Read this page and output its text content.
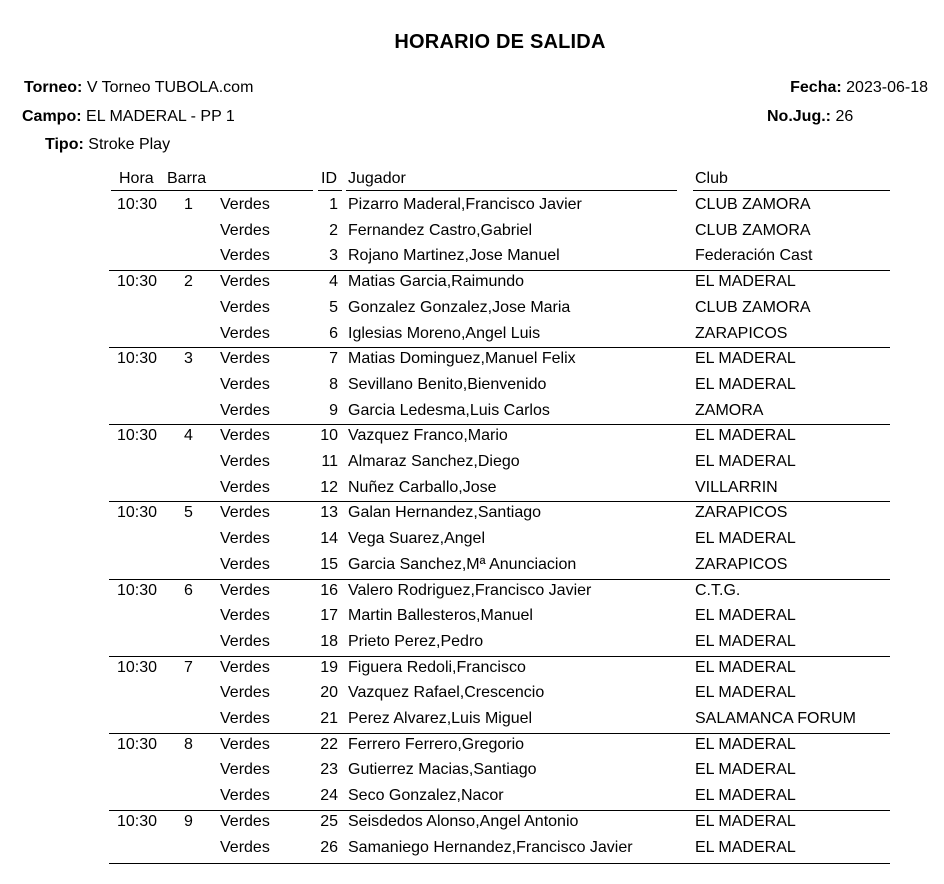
HORARIO DE SALIDA
Torneo: V Torneo TUBOLA.com
Campo: EL MADERAL - PP 1
Tipo: Stroke Play
Fecha: 2023-06-18
No.Jug.: 26
Hora Barra	ID Jugador	Club
10:30 1 Verdes	1 Pizarro Maderal,Francisco Javier	CLUB ZAMORA
Verdes	2 Fernandez Castro,Gabriel	CLUB ZAMORA
Verdes	3 Rojano Martinez,Jose Manuel	Federación Cast
10:30 2 Verdes	4 Matias Garcia,Raimundo	EL MADERAL
Verdes	5 Gonzalez Gonzalez,Jose Maria	CLUB ZAMORA
Verdes	6 Iglesias Moreno,Angel Luis	ZARAPICOS
10:30 3 Verdes	7 Matias Dominguez,Manuel Felix	EL MADERAL
Verdes	8 Sevillano Benito,Bienvenido	EL MADERAL
Verdes	9 Garcia Ledesma,Luis Carlos	ZAMORA
10:30 4 Verdes	10 Vazquez Franco,Mario	EL MADERAL
Verdes	11 Almaraz Sanchez,Diego	EL MADERAL
Verdes	12 Nuñez Carballo,Jose	VILLARRIN
10:30 5 Verdes	13 Galan Hernandez,Santiago	ZARAPICOS
Verdes	14 Vega Suarez,Angel	EL MADERAL
Verdes	15 Garcia Sanchez,Mª Anunciacion	ZARAPICOS
10:30 6 Verdes	16 Valero Rodriguez,Francisco Javier	C.T.G.
Verdes	17 Martin Ballesteros,Manuel	EL MADERAL
Verdes	18 Prieto Perez,Pedro	EL MADERAL
10:30 7 Verdes	19 Figuera Redoli,Francisco	EL MADERAL
Verdes	20 Vazquez Rafael,Crescencio	EL MADERAL
Verdes	21 Perez Alvarez,Luis Miguel	SALAMANCA FORUM
10:30 8 Verdes	22 Ferrero Ferrero,Gregorio	EL MADERAL
Verdes	23 Gutierrez Macias,Santiago	EL MADERAL
Verdes	24 Seco Gonzalez,Nacor	EL MADERAL
10:30 9 Verdes	25 Seisdedos Alonso,Angel Antonio	EL MADERAL
Verdes	26 Samaniego Hernandez,Francisco Javier	EL MADERAL
